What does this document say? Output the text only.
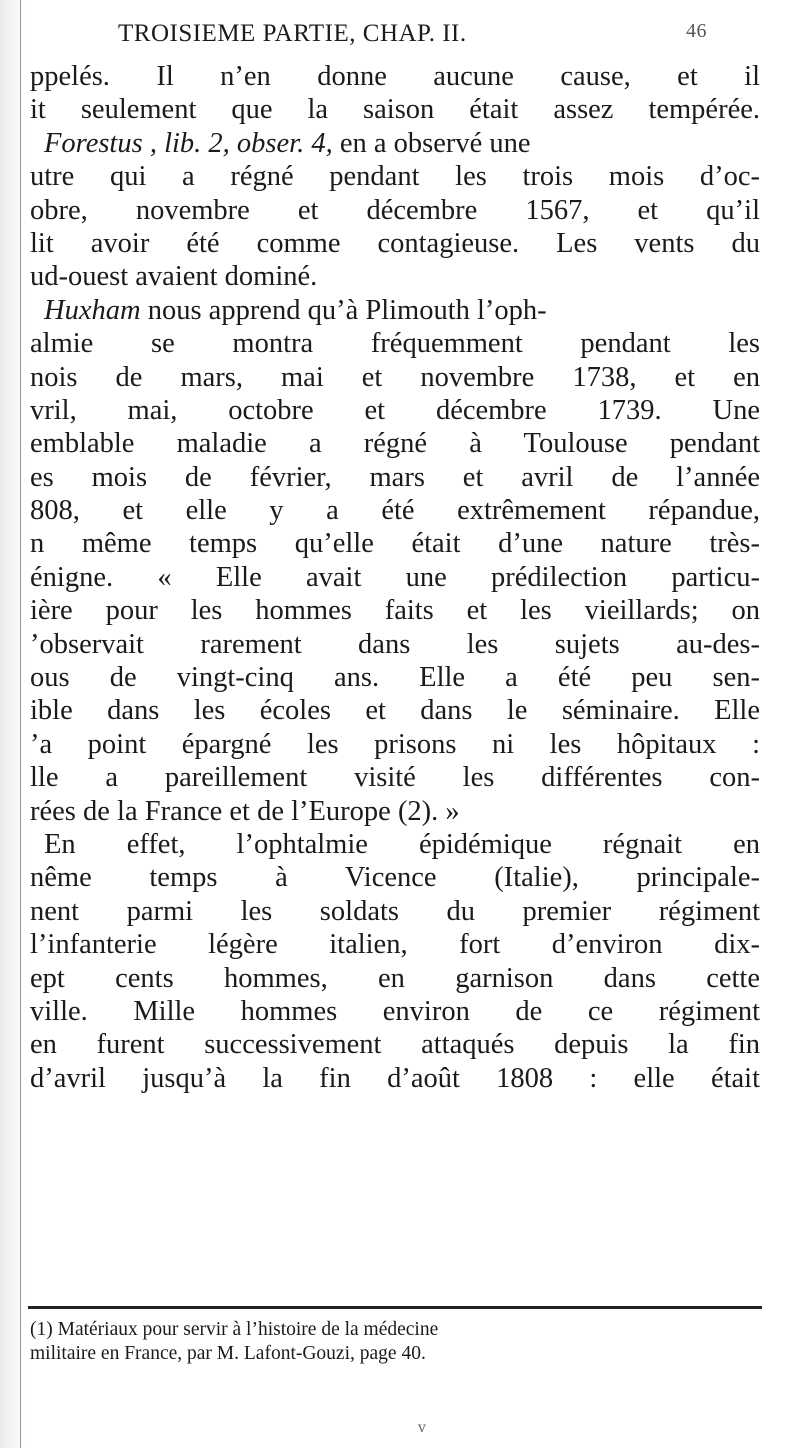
TROISIEME PARTIE, CHAP. II.	46
ppelés. Il n’en donne aucune cause, et il
it seulement que la saison était assez tempérée.
Forestus , lib. 2, obser. 4, en a observé une
utre qui a régné pendant les trois mois d’oc-
obre, novembre et décembre 1567, et qu’il
lit avoir été comme contagieuse. Les vents du
ud-ouest avaient dominé.
Huxham nous apprend qu’à Plimouth l’oph-
almie se montra fréquemment pendant les
nois de mars, mai et novembre 1738, et en
vril, mai, octobre et décembre 1739. Une
emblable maladie a régné à Toulouse pendant
es mois de février, mars et avril de l’année
808, et elle y a été extrêmement répandue,
n même temps qu’elle était d’une nature très-
énigne. « Elle avait une prédilection particu-
ière pour les hommes faits et les vieillards; on
’observait rarement dans les sujets au-des-
ous de vingt-cinq ans. Elle a été peu sen-
ible dans les écoles et dans le séminaire. Elle
’a point épargné les prisons ni les hôpitaux :
lle a pareillement visité les différentes con-
rées de la France et de l’Europe (2). »
En effet, l’ophtalmie épidémique régnait en
nême temps à Vicence (Italie), principale-
nent parmi les soldats du premier régiment
l’infanterie légère italien, fort d’environ dix-
ept cents hommes, en garnison dans cette
ville. Mille hommes environ de ce régiment
en furent successivement attaqués depuis la fin
d’avril jusqu’à la fin d’août 1808 : elle était
(1) Matériaux pour servir à l’histoire de la médecine
militaire en France, par M. Lafont-Gouzi, page 40.
v
